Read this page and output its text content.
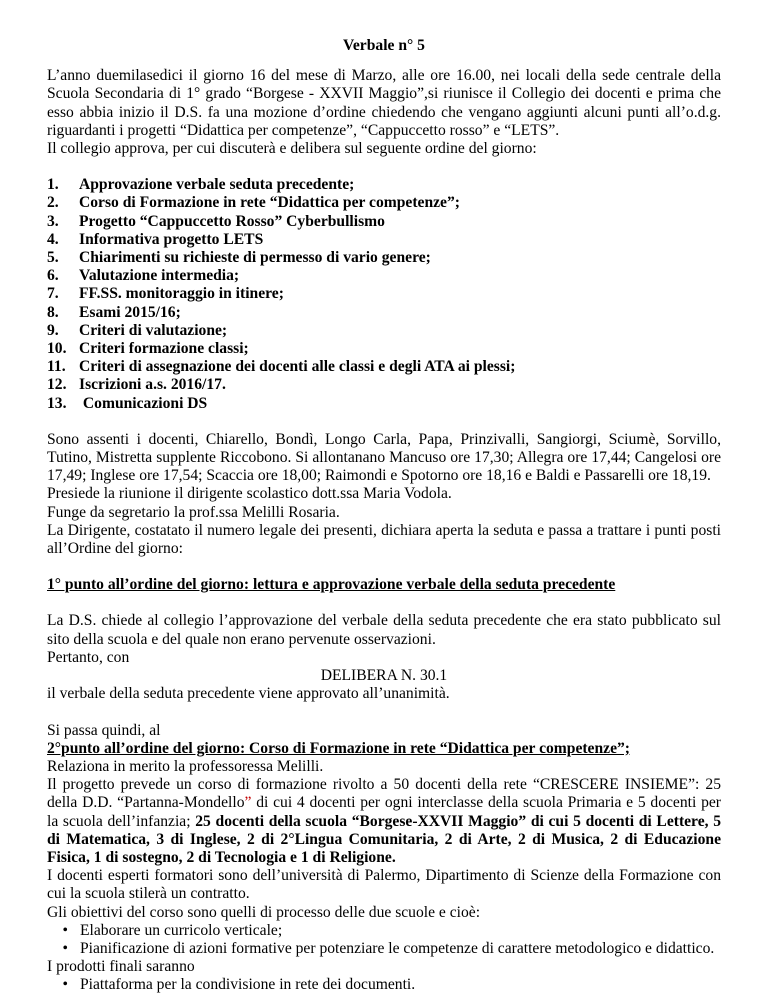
Verbale n° 5

L’anno duemilasedici il giorno 16 del mese di Marzo, alle ore 16.00, nei locali della sede centrale della Scuola Secondaria di 1° grado “Borgese - XXVII Maggio”,si riunisce il Collegio dei docenti e prima che esso abbia inizio il D.S. fa una mozione d’ordine chiedendo che vengano aggiunti alcuni punti all’o.d.g. riguardanti i progetti “Didattica per competenze”, “Cappuccetto rosso” e “LETS”.

Il collegio approva, per cui discuterà e delibera sul seguente ordine del giorno:

1.	Approvazione verbale seduta precedente;
2.	Corso di Formazione in rete “Didattica per competenze”;
3.	Progetto “Cappuccetto Rosso” Cyberbullismo
4.	Informativa progetto LETS
5.	Chiarimenti su richieste di permesso di vario genere;
6.	Valutazione intermedia;
7.	FF.SS. monitoraggio in itinere;
8.	Esami 2015/16;
9.	Criteri di valutazione;
10. Criteri formazione classi;
11. Criteri di assegnazione dei docenti alle classi e degli ATA ai plessi;
12. Iscrizioni a.s. 2016/17.
13. Comunicazioni DS

Sono assenti i docenti, Chiarello, Bondì, Longo Carla, Papa, Prinzivalli, Sangiorgi, Sciumè, Sorvillo, Tutino, Mistretta supplente Riccobono. Si allontanano Mancuso ore 17,30; Allegra ore 17,44; Cangelosi ore 17,49; Inglese ore 17,54; Scaccia ore 18,00; Raimondi e Spotorno ore 18,16 e Baldi e Passarelli ore 18,19.

Presiede la riunione il dirigente scolastico dott.ssa Maria Vodola.

Funge da segretario la prof.ssa Melilli Rosaria.

La Dirigente, costatato il numero legale dei presenti, dichiara aperta la seduta e passa a trattare i punti posti all’Ordine del giorno:

1° punto all’ordine del giorno: lettura e approvazione verbale della seduta precedente

La D.S. chiede al collegio l’approvazione del verbale della seduta precedente che era stato pubblicato sul sito della scuola e del quale non erano pervenute osservazioni.

Pertanto, con

DELIBERA N. 30.1

il verbale della seduta precedente viene approvato all’unanimità.

Si passa quindi, al

2°punto all’ordine del giorno: Corso di Formazione in rete “Didattica per competenze”;

Relaziona in merito la professoressa Melilli.

Il progetto prevede un corso di formazione rivolto a 50 docenti della rete “CRESCERE INSIEME”: 25 della D.D. “Partanna-Mondello” di cui 4 docenti per ogni interclasse della scuola Primaria e 5 docenti per la scuola dell’infanzia; 25 docenti della scuola “Borgese-XXVII Maggio” di cui 5 docenti di Lettere, 5 di Matematica, 3 di Inglese, 2 di 2°Lingua Comunitaria, 2 di Arte, 2 di Musica, 2 di Educazione Fisica, 1 di sostegno, 2 di Tecnologia e 1 di Religione.

I docenti esperti formatori sono dell’università di Palermo, Dipartimento di Scienze della Formazione con cui la scuola stilerà un contratto.

Gli obiettivi del corso sono quelli di processo delle due scuole e cioè:

• Elaborare un curricolo verticale;
• Pianificazione di azioni formative per potenziare le competenze di carattere metodologico e didattico.

I prodotti finali saranno

• Piattaforma per la condivisione in rete dei documenti.
